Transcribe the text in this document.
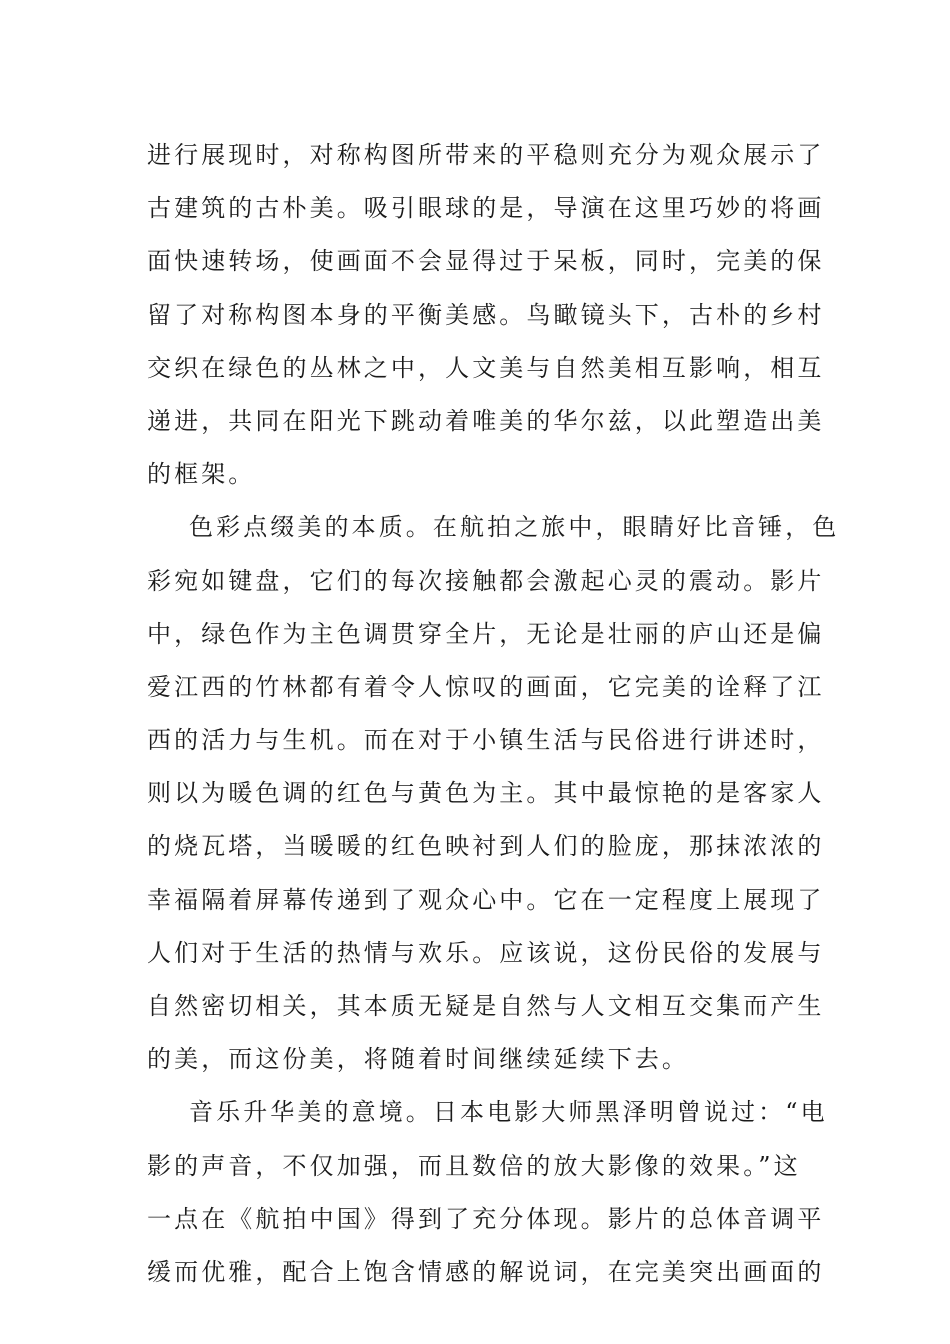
进行展现时，对称构图所带来的平稳则充分为观众展示了
古建筑的古朴美。吸引眼球的是，导演在这里巧妙的将画
面快速转场，使画面不会显得过于呆板，同时，完美的保
留了对称构图本身的平衡美感。鸟瞰镜头下，古朴的乡村
交织在绿色的丛林之中，人文美与自然美相互影响，相互
递进，共同在阳光下跳动着唯美的华尔兹，以此塑造出美
的框架。
色彩点缀美的本质。在航拍之旅中，眼睛好比音锤，色
彩宛如键盘，它们的每次接触都会激起心灵的震动。影片
中，绿色作为主色调贯穿全片，无论是壮丽的庐山还是偏
爱江西的竹林都有着令人惊叹的画面，它完美的诠释了江
西的活力与生机。而在对于小镇生活与民俗进行讲述时，
则以为暖色调的红色与黄色为主。其中最惊艳的是客家人
的烧瓦塔，当暖暖的红色映衬到人们的脸庞，那抹浓浓的
幸福隔着屏幕传递到了观众心中。它在一定程度上展现了
人们对于生活的热情与欢乐。应该说，这份民俗的发展与
自然密切相关，其本质无疑是自然与人文相互交集而产生
的美，而这份美，将随着时间继续延续下去。
音乐升华美的意境。日本电影大师黑泽明曾说过：“电
影的声音，不仅加强，而且数倍的放大影像的效果。”这
一点在《航拍中国》得到了充分体现。影片的总体音调平
缓而优雅，配合上饱含情感的解说词，在完美突出画面的
